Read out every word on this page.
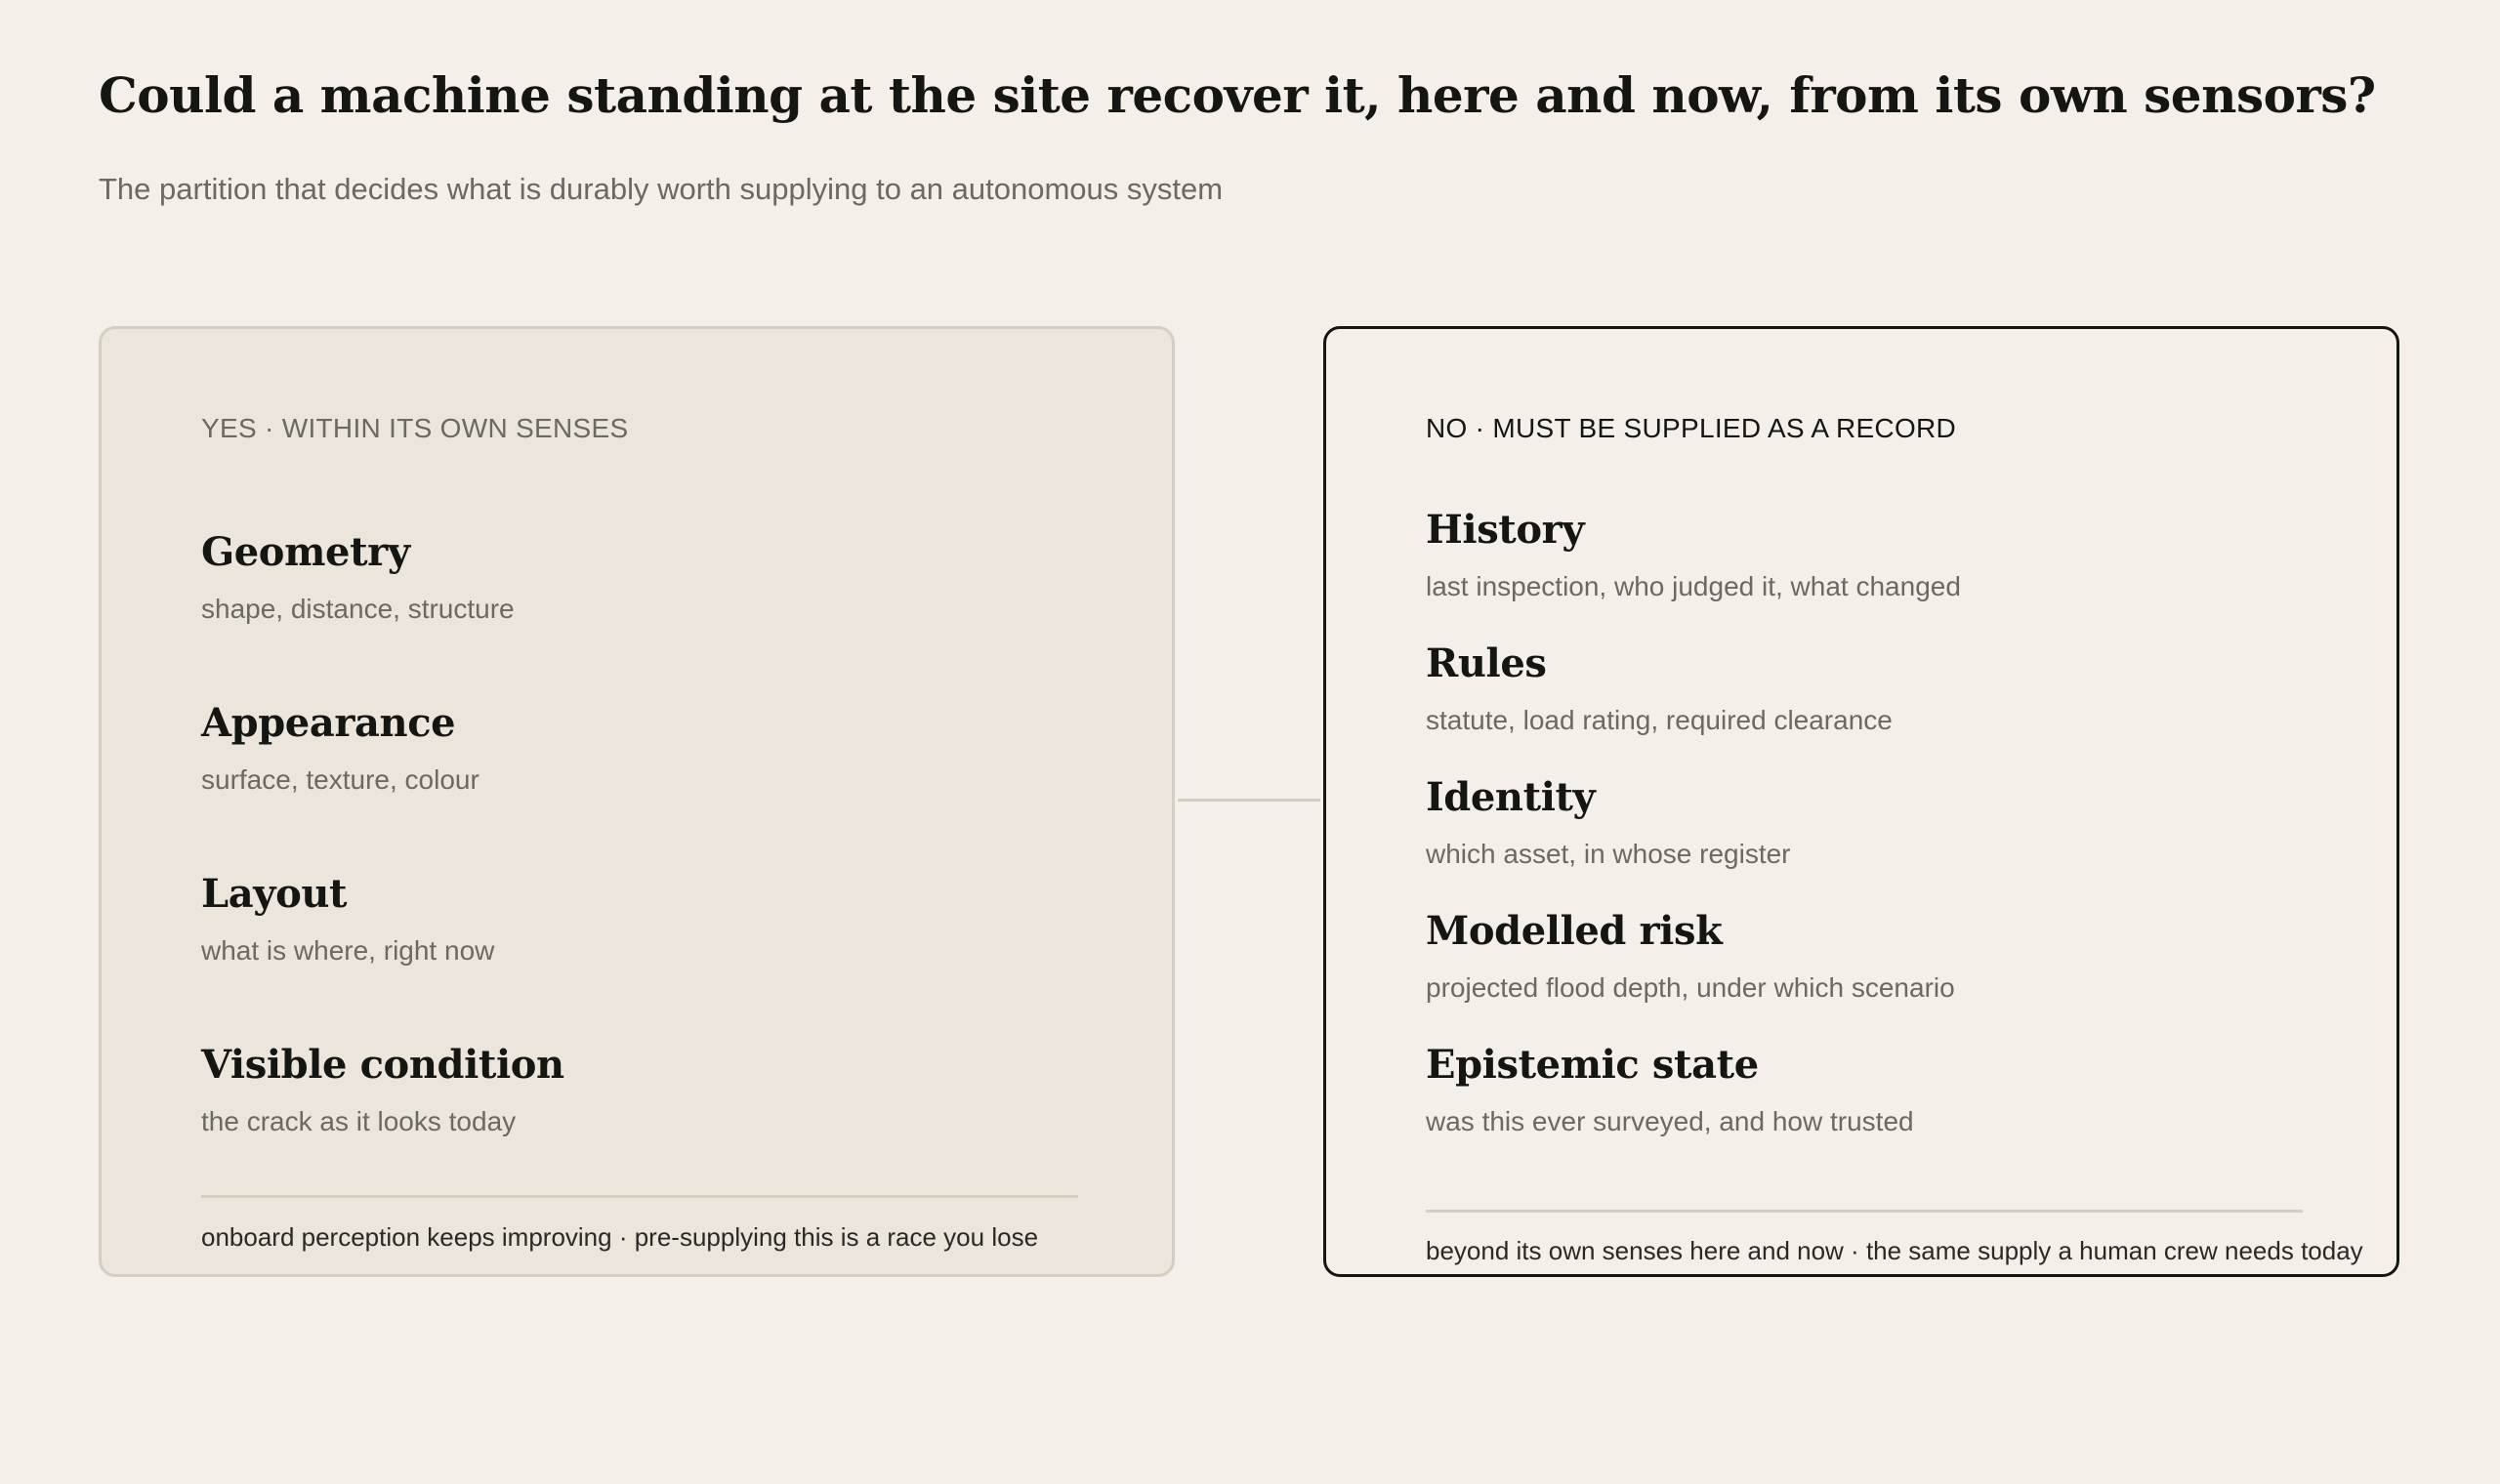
Could a machine standing at the site recover it, here and now, from its own sensors?

The partition that decides what is durably worth supplying to an autonomous system

YES · WITHIN ITS OWN SENSES
Geometry
shape, distance, structure
Appearance
surface, texture, colour
Layout
what is where, right now
Visible condition
the crack as it looks today
onboard perception keeps improving · pre-supplying this is a race you lose
NO · MUST BE SUPPLIED AS A RECORD
History
last inspection, who judged it, what changed
Rules
statute, load rating, required clearance
Identity
which asset, in whose register
Modelled risk
projected flood depth, under which scenario
Epistemic state
was this ever surveyed, and how trusted
beyond its own senses here and now · the same supply a human crew needs today
